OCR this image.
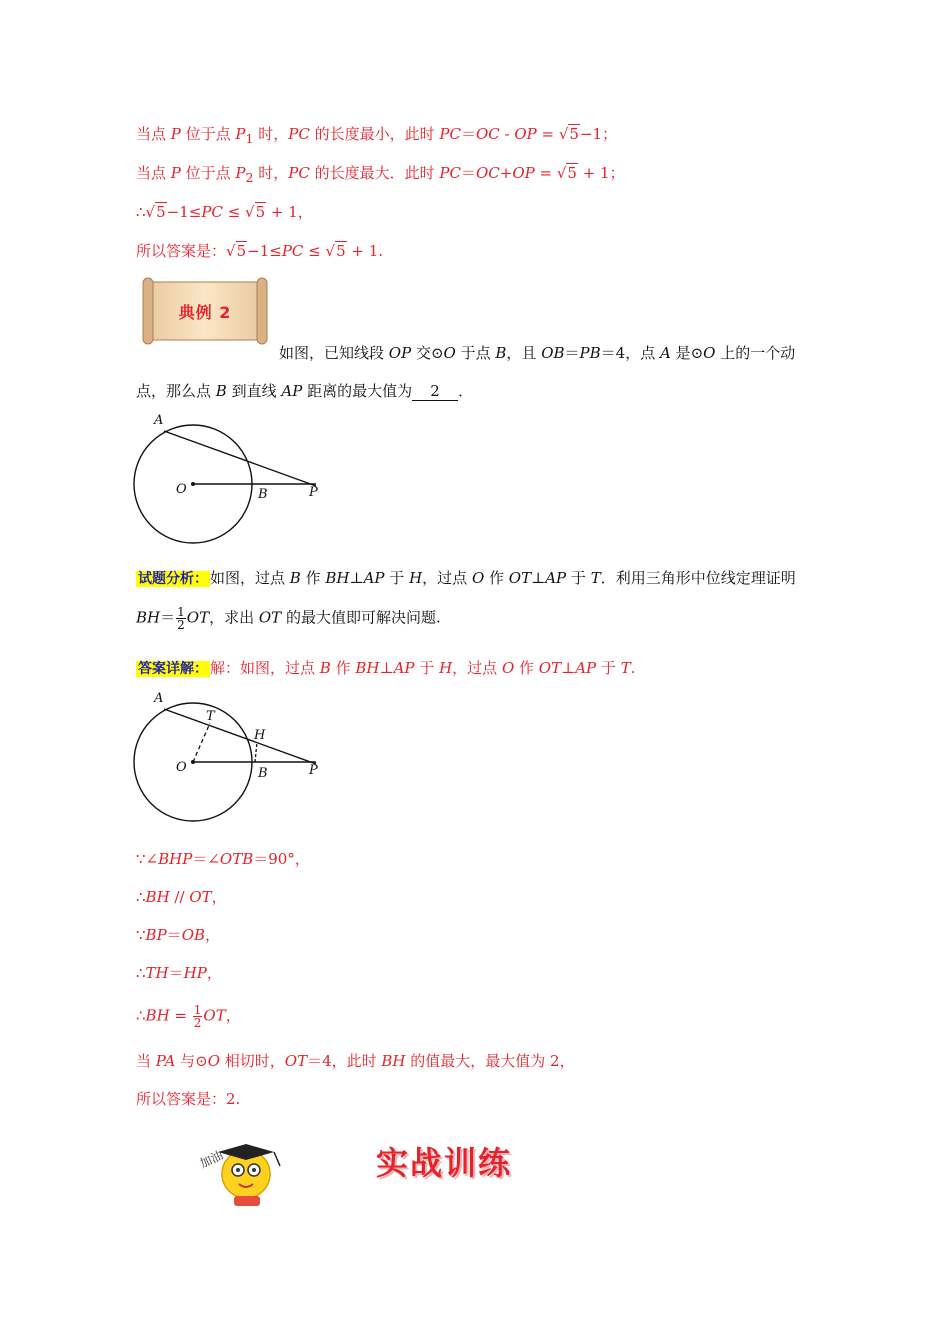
当点 P 位于点 $P_1$ 时，PC 的长度最小，此时 PC＝OC - OP = √5−1；
当点 P 位于点 $P_2$ 时，PC 的长度最大．此时 PC＝OC+OP = √5 + 1；
∴√5−1≤PC ≤ √5 + 1，
所以答案是：√5−1≤PC ≤ √5 + 1.
典例 2
如图，已知线段 OP 交⊙O 于点 B，且 OB＝PB＝4，点 A 是⊙O 上的一个动
点，那么点 B 到直线 AP 距离的最大值为 2 ．
A
O	B	P
试题分析： 如图，过点 B 作 BH⊥AP 于 H，过点 O 作 OT⊥AP 于 T．利用三角形中位线定理证明
$BH= \frac{1}{2}$ OT，求出 OT 的最大值即可解决问题.
答案详解： 解：如图，过点 B 作 BH⊥AP 于 H，过点 O 作 OT⊥AP 于 T.
A
T
H
O	B	P
∵∠BHP＝∠OTB＝90°，
∴BH // OT，
∵BP＝OB，
∴TH＝HP，
∴BH = $\frac{1}{2}$ OT，
当 PA 与⊙O 相切时，OT＝4，此时 BH 的值最大，最大值为 2，
所以答案是：2.
加油	实战训练
